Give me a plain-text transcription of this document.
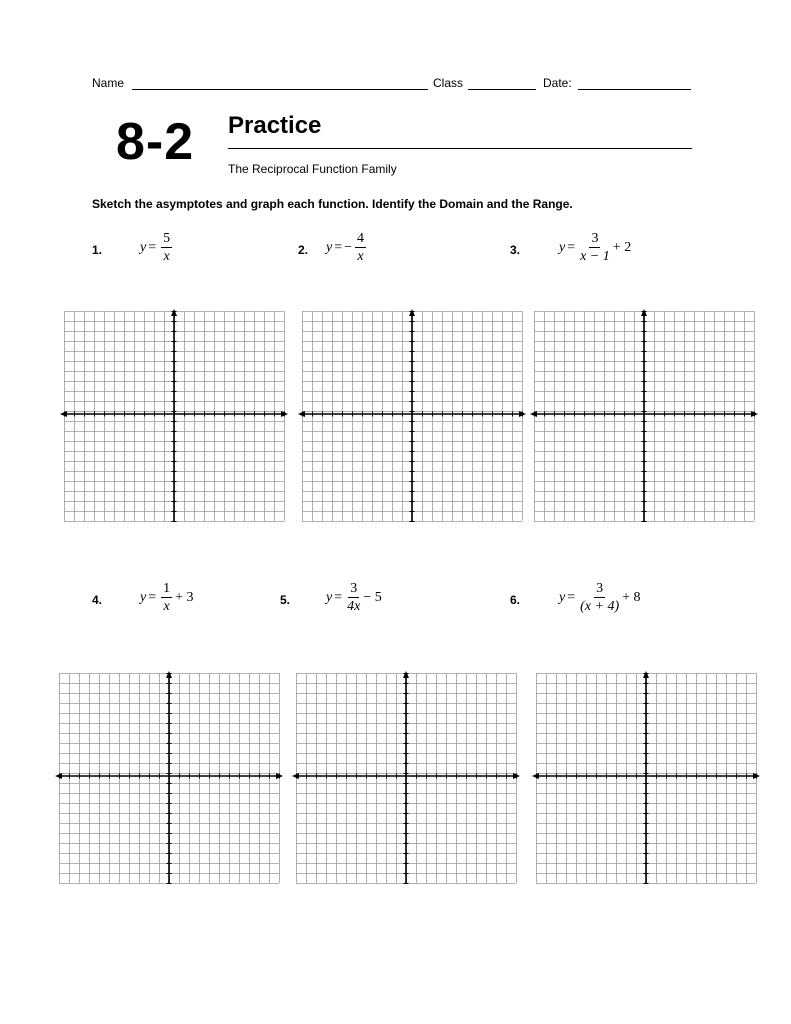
Name	Class	Date:
8-2 Practice
The Reciprocal Function Family
Sketch the asymptotes and graph each function. Identify the Domain and the Range.
1.	$y = \frac{5}{x}$	2. y = − $\frac{4}{x}$	3.	$y = \frac{3}{x - 1} + 2$
4.	$y = \frac{1}{x} + 3$	5.	$y = \frac{3}{4x} - 5$	6.	$y = \frac{3}{(x + 4)} + 8$
